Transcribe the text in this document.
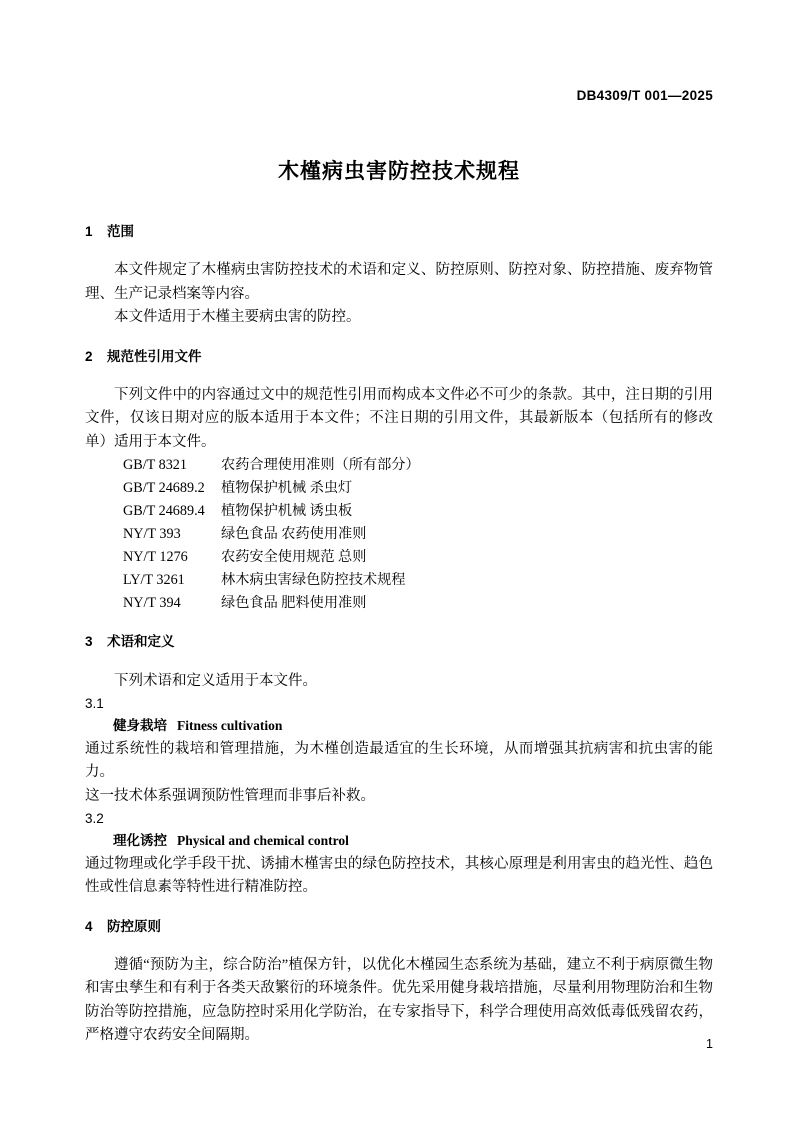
DB4309/T 001—2025
木槿病虫害防控技术规程
1 范围

本文件规定了木槿病虫害防控技术的术语和定义、防控原则、防控对象、防控措施、废弃物管理、生产记录档案等内容。

本文件适用于木槿主要病虫害的防控。

2 规范性引用文件

下列文件中的内容通过文中的规范性引用而构成本文件必不可少的条款。其中，注日期的引用文件，仅该日期对应的版本适用于本文件；不注日期的引用文件，其最新版本（包括所有的修改单）适用于本文件。

GB/T 8321 农药合理使用准则（所有部分）
GB/T 24689.2 植物保护机械 杀虫灯
GB/T 24689.4 植物保护机械 诱虫板
NY/T 393	绿色食品 农药使用准则
NY/T 1276 农药安全使用规范 总则
LY/T 3261	林木病虫害绿色防控技术规程
NY/T 394	绿色食品 肥料使用准则
3 术语和定义

下列术语和定义适用于本文件。

3.1

健身栽培 Fitness cultivation

通过系统性的栽培和管理措施，为木槿创造最适宜的生长环境，从而增强其抗病害和抗虫害的能力。

这一技术体系强调预防性管理而非事后补救。

3.2

理化诱控 Physical and chemical control

通过物理或化学手段干扰、诱捕木槿害虫的绿色防控技术，其核心原理是利用害虫的趋光性、趋色性或性信息素等特性进行精准防控。

4 防控原则

遵循“预防为主，综合防治”植保方针，以优化木槿园生态系统为基础，建立不利于病原微生物和害虫孳生和有利于各类天敌繁衍的环境条件。优先采用健身栽培措施，尽量利用物理防治和生物防治等防控措施，应急防控时采用化学防治，在专家指导下，科学合理使用高效低毒低残留农药，严格遵守农药安全间隔期。

1
